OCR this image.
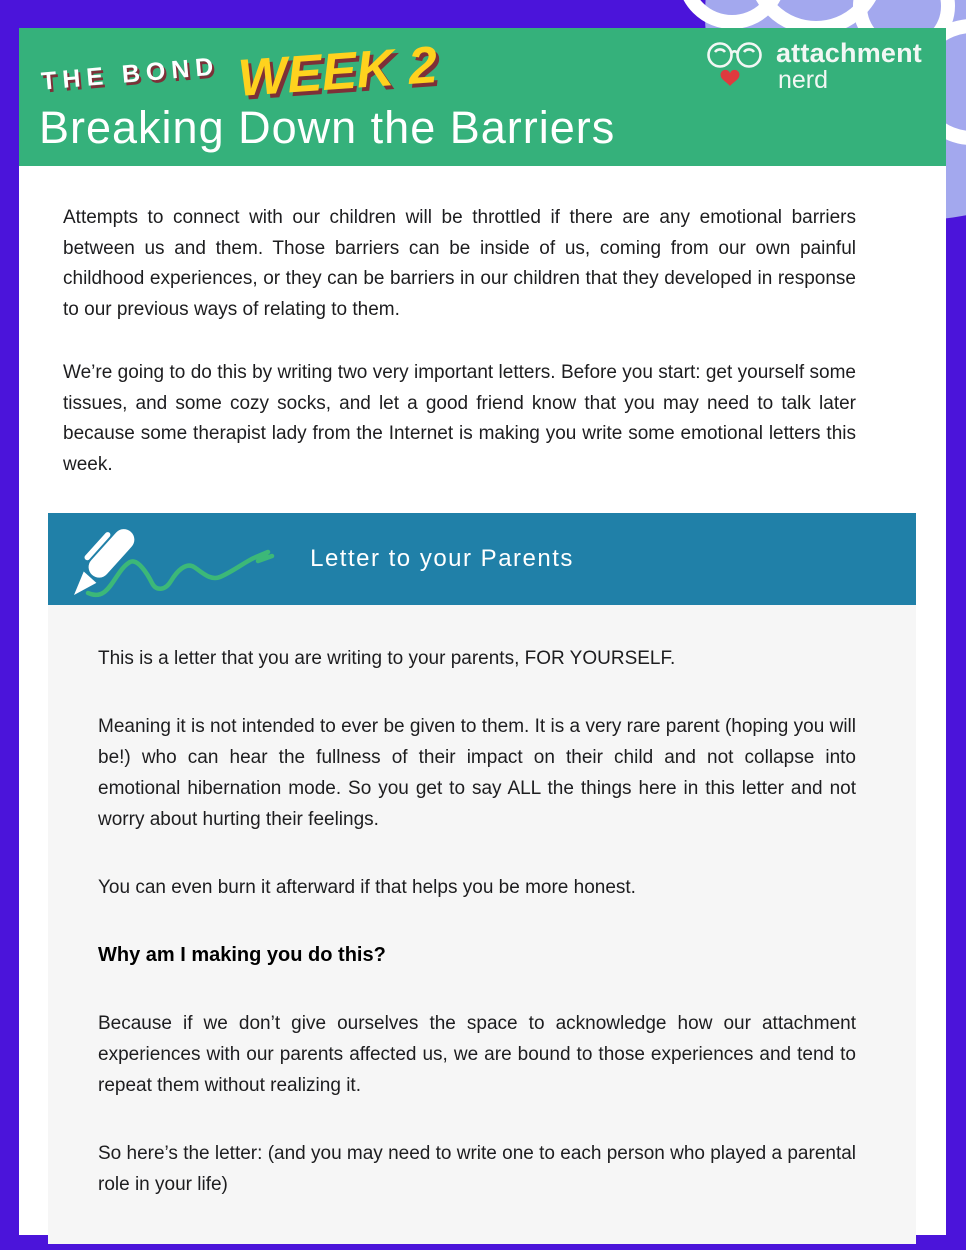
THE BOND WEEK 2	attachment
nerd
Breaking Down the Barriers

Attempts to connect with our children will be throttled if there are any emotional barriers between us and them. Those barriers can be inside of us, coming from our own painful childhood experiences, or they can be barriers in our children that they developed in response to our previous ways of relating to them.

We’re going to do this by writing two very important letters. Before you start: get yourself some tissues, and some cozy socks, and let a good friend know that you may need to talk later because some therapist lady from the Internet is making you write some emotional letters this week.

Letter to your Parents

This is a letter that you are writing to your parents, FOR YOURSELF.

Meaning it is not intended to ever be given to them. It is a very rare parent (hoping you will be!) who can hear the fullness of their impact on their child and not collapse into emotional hibernation mode. So you get to say ALL the things here in this letter and not worry about hurting their feelings.

You can even burn it afterward if that helps you be more honest.

Why am I making you do this?

Because if we don’t give ourselves the space to acknowledge how our attachment experiences with our parents affected us, we are bound to those experiences and tend to repeat them without realizing it.

So here’s the letter: (and you may need to write one to each person who played a parental role in your life)
